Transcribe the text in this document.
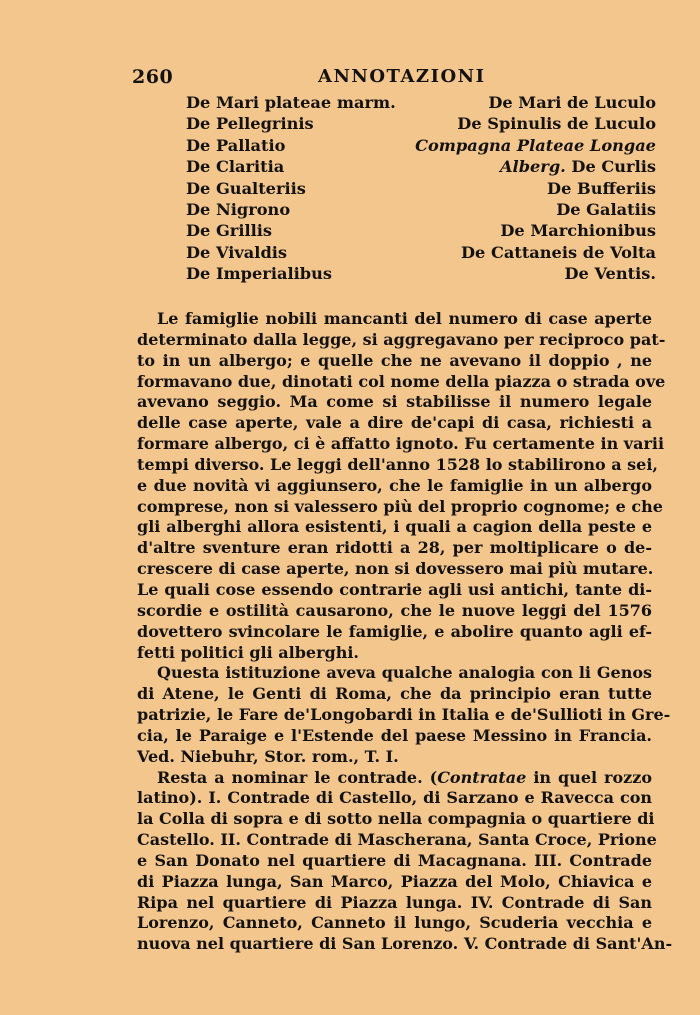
260	ANNOTAZIONI
De Mari plateae marm.	De Mari de Luculo
De Pellegrinis	De Spinulis de Luculo
De Pallatio	Compagna Plateae Longae
De Claritia	Alberg. De Curlis
De Gualteriis	De Bufferiis
De Nigrono	De Galatiis
De Grillis	De Marchionibus
De Vivaldis	De Cattaneis de Volta
De Imperialibus	De Ventis.
Le famiglie nobili mancanti del numero di case aperte
determinato dalla legge, si aggregavano per reciproco pat-
to in un albergo; e quelle che ne avevano il doppio , ne
formavano due, dinotati col nome della piazza o strada ove
avevano seggio. Ma come si stabilisse il numero legale
delle case aperte, vale a dire de'capi di casa, richiesti a
formare albergo, ci è affatto ignoto. Fu certamente in varii
tempi diverso. Le leggi dell'anno 1528 lo stabilirono a sei,
e due novità vi aggiunsero, che le famiglie in un albergo
comprese, non si valessero più del proprio cognome; e che
gli alberghi allora esistenti, i quali a cagion della peste e
d'altre sventure eran ridotti a 28, per moltiplicare o de-
crescere di case aperte, non si dovessero mai più mutare.
Le quali cose essendo contrarie agli usi antichi, tante di-
scordie e ostilità causarono, che le nuove leggi del 1576
dovettero svincolare le famiglie, e abolire quanto agli ef-
fetti politici gli alberghi.
Questa istituzione aveva qualche analogia con li Genos
di Atene, le Genti di Roma, che da principio eran tutte
patrizie, le Fare de'Longobardi in Italia e de'Sullioti in Gre-
cia, le Paraige e l'Estende del paese Messino in Francia.
Ved. Niebuhr, Stor. rom., T. I.
Resta a nominar le contrade. (Contratae in quel rozzo
latino). I. Contrade di Castello, di Sarzano e Ravecca con
la Colla di sopra e di sotto nella compagnia o quartiere di
Castello. II. Contrade di Mascherana, Santa Croce, Prione
e San Donato nel quartiere di Macagnana. III. Contrade
di Piazza lunga, San Marco, Piazza del Molo, Chiavica e
Ripa nel quartiere di Piazza lunga. IV. Contrade di San
Lorenzo, Canneto, Canneto il lungo, Scuderia vecchia e
nuova nel quartiere di San Lorenzo. V. Contrade di Sant'An-
